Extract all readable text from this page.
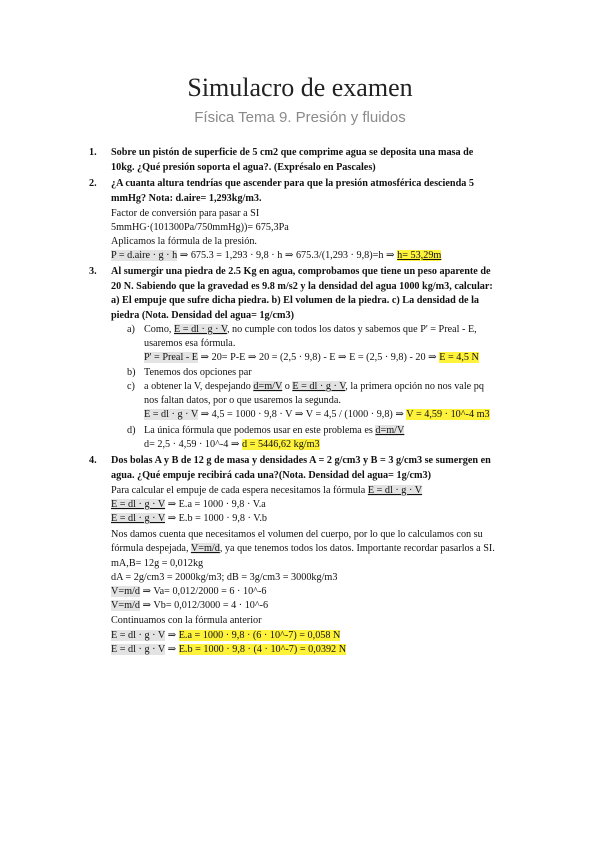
Simulacro de examen
Física Tema 9. Presión y fluidos
1. Sobre un pistón de superficie de 5 cm2 que comprime agua se deposita una masa de
10kg. ¿Qué presión soporta el agua?. (Exprésalo en Pascales)
2. ¿A cuanta altura tendrías que ascender para que la presión atmosférica descienda 5
mmHg? Nota: d.aire= 1,293kg/m3.
Factor de conversión para pasar a SI
5mmHG·(101300Pa/750mmHg))= 675,3Pa
Aplicamos la fórmula de la presión.
P = d.aire · g · h ⇒ 675.3 = 1,293 · 9,8 · h ⇒ 675.3/(1,293 · 9,8)=h ⇒ h= 53,29m
3. Al sumergir una piedra de 2.5 Kg en agua, comprobamos que tiene un peso aparente de
20 N. Sabiendo que la gravedad es 9.8 m/s2 y la densidad del agua 1000 kg/m3, calcular:
a) El empuje que sufre dicha piedra. b) El volumen de la piedra. c) La densidad de la
piedra (Nota. Densidad del agua= 1g/cm3)
a) Como, E = dl · g · V, no cumple con todos los datos y sabemos que P' = Preal - E,
usaremos esa fórmula.
P' = Preal - E ⇒ 20= P-E ⇒ 20 = (2,5 · 9,8) - E ⇒ E = (2,5 · 9,8) - 20 ⇒ E = 4,5 N
b) Tenemos dos opciones par
c) a obtener la V, despejando d=m/V o E = dl · g · V, la primera opción no nos vale pq
nos faltan datos, por o que usaremos la segunda.
E = dl · g · V ⇒ 4,5 = 1000 · 9,8 · V ⇒ V = 4,5 / (1000 · 9,8) ⇒ V = 4,59 · 10^-4 m3
d) La única fórmula que podemos usar en este problema es d=m/V
d= 2,5 · 4,59 · 10^-4 ⇒ d = 5446,62 kg/m3
4. Dos bolas A y B de 12 g de masa y densidades A = 2 g/cm3 y B = 3 g/cm3 se sumergen en
agua. ¿Qué empuje recibirá cada una?(Nota. Densidad del agua= 1g/cm3)
Para calcular el empuje de cada espera necesitamos la fórmula E = dl · g · V
E = dl · g · V ⇒ E.a = 1000 · 9,8 · V.a
E = dl · g · V ⇒ E.b = 1000 · 9,8 · V.b
Nos damos cuenta que necesitamos el volumen del cuerpo, por lo que lo calculamos con su
fórmula despejada, V=m/d, ya que tenemos todos los datos. Importante recordar pasarlos a SI.
mA,B= 12g = 0,012kg
dA = 2g/cm3 = 2000kg/m3; dB = 3g/cm3 = 3000kg/m3
V=m/d ⇒ Va= 0,012/2000 = 6 · 10^-6
V=m/d ⇒ Vb= 0,012/3000 = 4 · 10^-6
Continuamos con la fórmula anterior
E = dl · g · V ⇒ E.a = 1000 · 9,8 · (6 · 10^-7) = 0,058 N
E = dl · g · V ⇒ E.b = 1000 · 9,8 · (4 · 10^-7) = 0,0392 N
